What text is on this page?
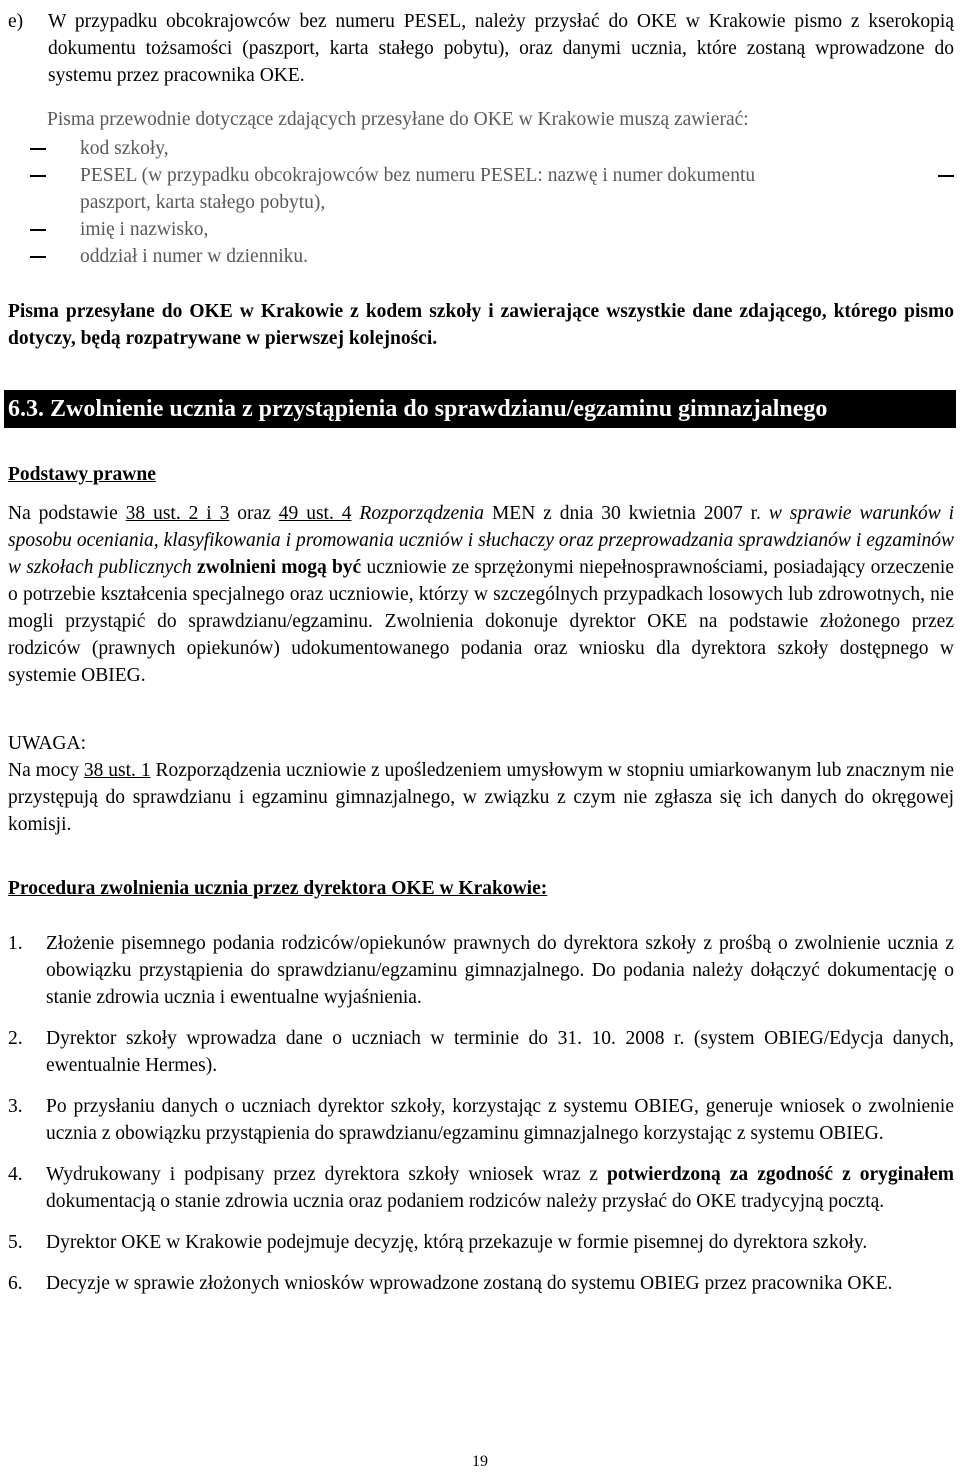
e) W przypadku obcokrajowców bez numeru PESEL, należy przysłać do OKE w Krakowie pismo z kserokopią dokumentu tożsamości (paszport, karta stałego pobytu), oraz danymi ucznia, które zostaną wprowadzone do systemu przez pracownika OKE.
Pisma przewodnie dotyczące zdających przesyłane do OKE w Krakowie muszą zawierać:
kod szkoły,
PESEL (w przypadku obcokrajowców bez numeru PESEL: nazwę i numer dokumentu
paszport, karta stałego pobytu),
imię i nazwisko,
oddział i numer w dzienniku.
Pisma przesyłane do OKE w Krakowie z kodem szkoły i zawierające wszystkie dane zdającego, którego pismo dotyczy, będą rozpatrywane w pierwszej kolejności.
6.3. Zwolnienie ucznia z przystąpienia do sprawdzianu/egzaminu gimnazjalnego
Podstawy prawne
Na podstawie 38 ust. 2 i 3 oraz 49 ust. 4 Rozporządzenia MEN z dnia 30 kwietnia 2007 r. w sprawie warunków i sposobu oceniania, klasyfikowania i promowania uczniów i słuchaczy oraz przeprowadzania sprawdzianów i egzaminów w szkołach publicznych zwolnieni mogą być uczniowie ze sprzężonymi niepełnosprawnościami, posiadający orzeczenie o potrzebie kształcenia specjalnego oraz uczniowie, którzy w szczególnych przypadkach losowych lub zdrowotnych, nie mogli przystąpić do sprawdzianu/egzaminu. Zwolnienia dokonuje dyrektor OKE na podstawie złożonego przez rodziców (prawnych opiekunów) udokumentowanego podania oraz wniosku dla dyrektora szkoły dostępnego w systemie OBIEG.
UWAGA:
Na mocy 38 ust. 1 Rozporządzenia uczniowie z upośledzeniem umysłowym w stopniu umiarkowanym lub znacznym nie przystępują do sprawdzianu i egzaminu gimnazjalnego, w związku z czym nie zgłasza się ich danych do okręgowej komisji.
Procedura zwolnienia ucznia przez dyrektora OKE w Krakowie:
1. Złożenie pisemnego podania rodziców/opiekunów prawnych do dyrektora szkoły z prośbą o zwolnienie ucznia z obowiązku przystąpienia do sprawdzianu/egzaminu gimnazjalnego. Do podania należy dołączyć dokumentację o stanie zdrowia ucznia i ewentualne wyjaśnienia.
2. Dyrektor szkoły wprowadza dane o uczniach w terminie do 31. 10. 2008 r. (system OBIEG/Edycja danych, ewentualnie Hermes).
3. Po przysłaniu danych o uczniach dyrektor szkoły, korzystając z systemu OBIEG, generuje wniosek o zwolnienie ucznia z obowiązku przystąpienia do sprawdzianu/egzaminu gimnazjalnego korzystając z systemu OBIEG.
4. Wydrukowany i podpisany przez dyrektora szkoły wniosek wraz z potwierdzoną za zgodność z oryginałem dokumentacją o stanie zdrowia ucznia oraz podaniem rodziców należy przysłać do OKE tradycyjną pocztą.
5. Dyrektor OKE w Krakowie podejmuje decyzję, którą przekazuje w formie pisemnej do dyrektora szkoły.
6. Decyzje w sprawie złożonych wniosków wprowadzone zostaną do systemu OBIEG przez pracownika OKE.
19
